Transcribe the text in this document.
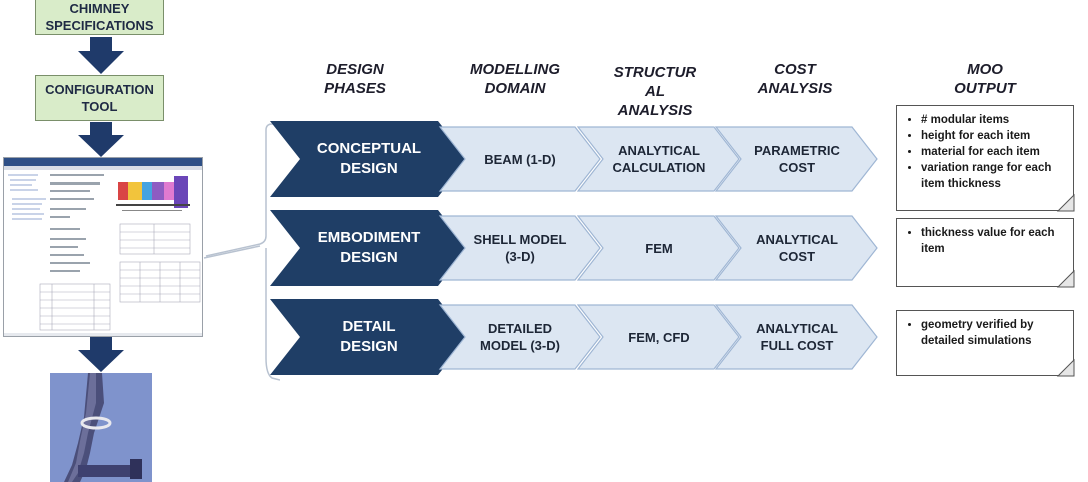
CHIMNEY
SPECIFICATIONS
CONFIGURATION
TOOL
DESIGN
PHASES
MODELLING
DOMAIN
STRUCTUR
AL
ANALYSIS
COST
ANALYSIS
MOO
OUTPUT
CONCEPTUAL
DESIGN
BEAM (1-D)
ANALYTICAL
CALCULATION
PARAMETRIC
COST
EMBODIMENT
DESIGN
SHELL MODEL
(3-D)
FEM
ANALYTICAL
COST
DETAIL
DESIGN
DETAILED
MODEL (3-D)
FEM, CFD
ANALYTICAL
FULL COST
• # modular items
• height for each item
• material for each item
• variation range for each item thickness
• thickness value for each item
• geometry verified by detailed simulations
